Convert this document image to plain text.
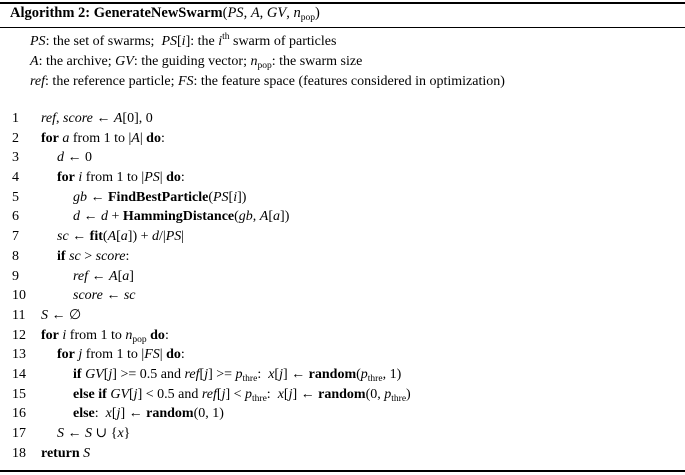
Algorithm 2: GenerateNewSwarm(PS, A, GV, $n_{pop}$)
PS: the set of swarms;  PS[i]: the $i^{th}$ swarm of particles
A: the archive; GV: the guiding vector; $n_{pop}$: the swarm size
ref: the reference particle; FS: the feature space (features considered in optimization)
1	ref, score ← A[0], 0
2	for a from 1 to |A| do:
3	d ← 0
4	for i from 1 to |PS| do:
5	gb ← FindBestParticle(PS[i])
6	d ← d + HammingDistance(gb, A[a])
7	sc ← fit(A[a]) + d/|PS|
8	if sc > score:
9	ref ← A[a]
10	score ← sc
11	S ← ∅
12	for i from 1 to $n_{pop}$ do:
13	for j from 1 to |FS| do:
14	if GV[j] >= 0.5 and $ref[j] >= p_{thre}$:  x[j] ← $random(p_{thre}$, 1)
15	else if GV[j] < 0.5 and $ref[j] < p_{thre}$:  x[j] ← random(0, $p_{thre}$)
16	else:  x[j] ← random(0, 1)
17	S ← S ∪ {x}
18	return S
